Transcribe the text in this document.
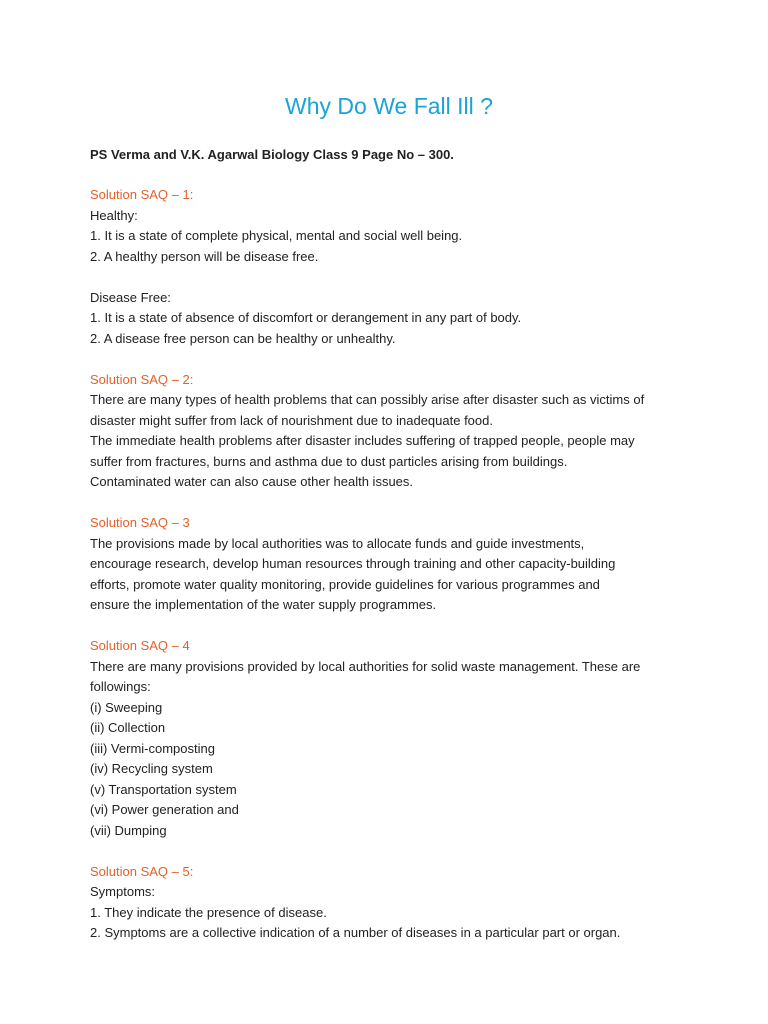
Why Do We Fall Ill ?

PS Verma and V.K. Agarwal Biology Class 9 Page No – 300.

Solution SAQ – 1:

Healthy:

1. It is a state of complete physical, mental and social well being.

2. A healthy person will be disease free.

Disease Free:

1. It is a state of absence of discomfort or derangement in any part of body.

2. A disease free person can be healthy or unhealthy.

Solution SAQ – 2:

There are many types of health problems that can possibly arise after disaster such as victims of

disaster might suffer from lack of nourishment due to inadequate food.

The immediate health problems after disaster includes suffering of trapped people, people may

suffer from fractures, burns and asthma due to dust particles arising from buildings.

Contaminated water can also cause other health issues.

Solution SAQ – 3

The provisions made by local authorities was to allocate funds and guide investments,

encourage research, develop human resources through training and other capacity-building

efforts, promote water quality monitoring, provide guidelines for various programmes and

ensure the implementation of the water supply programmes.

Solution SAQ – 4

There are many provisions provided by local authorities for solid waste management. These are

followings:

(i) Sweeping

(ii) Collection

(iii) Vermi-composting

(iv) Recycling system

(v) Transportation system

(vi) Power generation and

(vii) Dumping

Solution SAQ – 5:

Symptoms:

1. They indicate the presence of disease.

2. Symptoms are a collective indication of a number of diseases in a particular part or organ.
